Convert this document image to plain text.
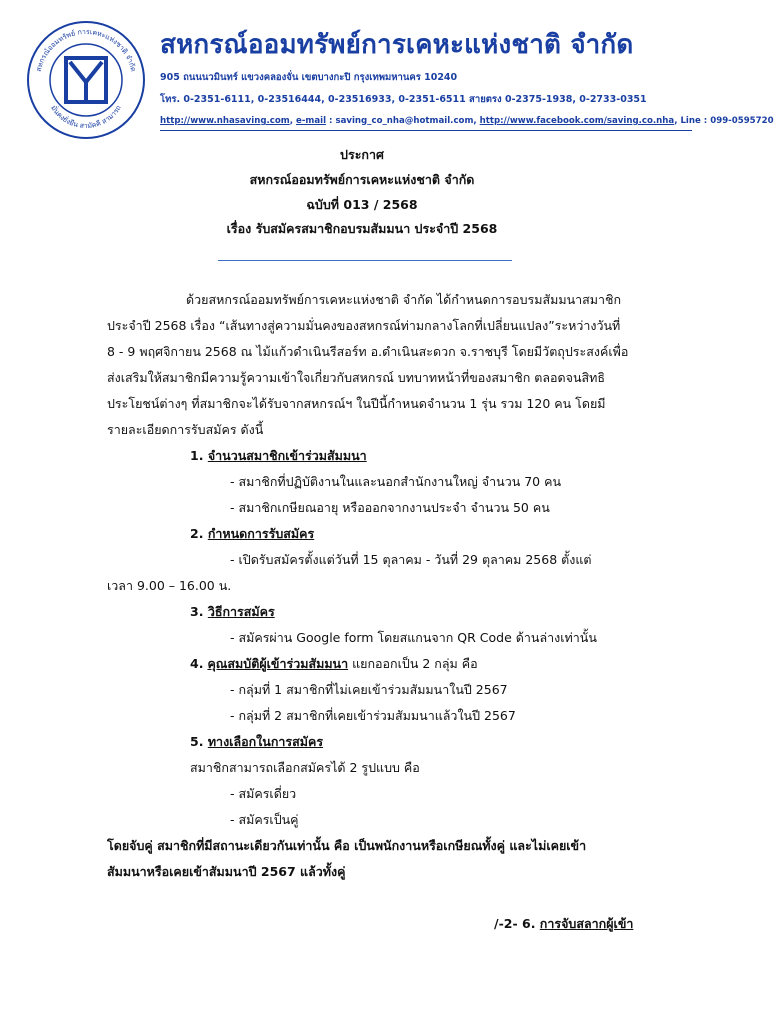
สหกรณ์ออมทรัพย์ การเคหะแห่งชาติ จำกัด
มั่นคงยั่งยืน สามัคคี สามารถ
สหกรณ์ออมทรัพย์การเคหะแห่งชาติ จำกัด
905 ถนนนวมินทร์ แขวงคลองจั่น เขตบางกะปิ กรุงเทพมหานคร 10240
โทร. 0-2351-6111, 0-23516444, 0-23516933, 0-2351-6511 สายตรง 0-2375-1938, 0-2733-0351
http://www.nhasaving.com, e-mail : saving_co_nha@hotmail.com, http://www.facebook.com/saving.co.nha, Line : 099-0595720
ประกาศ
สหกรณ์ออมทรัพย์การเคหะแห่งชาติ จำกัด
ฉบับที่ 013 / 2568
เรื่อง รับสมัครสมาชิกอบรมสัมมนา ประจำปี 2568
ด้วยสหกรณ์ออมทรัพย์การเคหะแห่งชาติ จำกัด ได้กำหนดการอบรมสัมมนาสมาชิก
ประจำปี 2568 เรื่อง “เส้นทางสู่ความมั่นคงของสหกรณ์ท่ามกลางโลกที่เปลี่ยนแปลง”ระหว่างวันที่
8 - 9 พฤศจิกายน 2568 ณ ไม้แก้วดำเนินรีสอร์ท อ.ดำเนินสะดวก จ.ราชบุรี โดยมีวัตถุประสงค์เพื่อ
ส่งเสริมให้สมาชิกมีความรู้ความเข้าใจเกี่ยวกับสหกรณ์ บทบาทหน้าที่ของสมาชิก ตลอดจนสิทธิ
ประโยชน์ต่างๆ ที่สมาชิกจะได้รับจากสหกรณ์ฯ ในปีนี้กำหนดจำนวน 1 รุ่น รวม 120 คน โดยมี
รายละเอียดการรับสมัคร ดังนี้
1. จำนวนสมาชิกเข้าร่วมสัมมนา
- สมาชิกที่ปฏิบัติงานในและนอกสำนักงานใหญ่ จำนวน 70 คน
- สมาชิกเกษียณอายุ หรือออกจากงานประจำ จำนวน 50 คน
2. กำหนดการรับสมัคร
- เปิดรับสมัครตั้งแต่วันที่ 15 ตุลาคม - วันที่ 29 ตุลาคม 2568 ตั้งแต่
เวลา 9.00 – 16.00 น.
3. วิธีการสมัคร
- สมัครผ่าน Google form โดยสแกนจาก QR Code ด้านล่างเท่านั้น
4. คุณสมบัติผู้เข้าร่วมสัมมนา แยกออกเป็น 2 กลุ่ม คือ
- กลุ่มที่ 1 สมาชิกที่ไม่เคยเข้าร่วมสัมมนาในปี 2567
- กลุ่มที่ 2 สมาชิกที่เคยเข้าร่วมสัมมนาแล้วในปี 2567
5. ทางเลือกในการสมัคร
สมาชิกสามารถเลือกสมัครได้ 2 รูปแบบ คือ
- สมัครเดี่ยว
- สมัครเป็นคู่
โดยจับคู่ สมาชิกที่มีสถานะเดียวกันเท่านั้น คือ เป็นพนักงานหรือเกษียณทั้งคู่ และไม่เคยเข้า
สัมมนาหรือเคยเข้าสัมมนาปี 2567 แล้วทั้งคู่
/-2- 6. การจับสลากผู้เข้า
